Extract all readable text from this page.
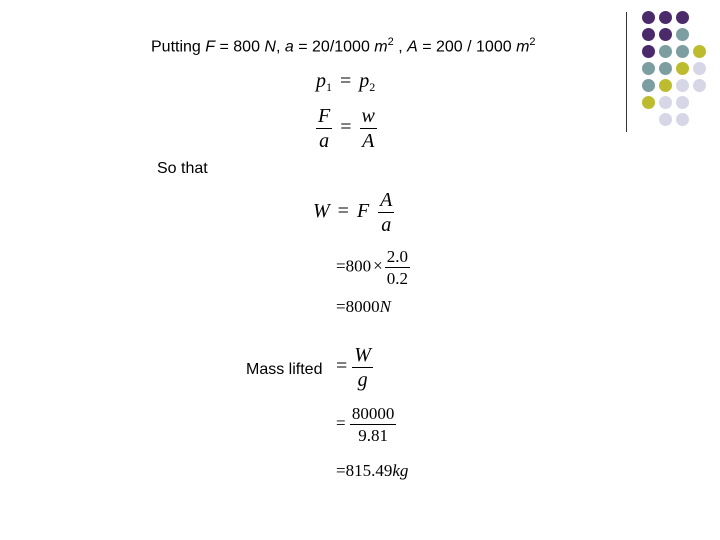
Putting F = 800 N, a = 20/1000 $m^2$ , A = 200 / 1000 $m^2$
$p_1 = p_2$
$\frac{F}{a} = \frac{w}{A}$
So that
W = F $\frac{A}{a}$
$=800 \times \frac{2.0}{0.2}$
=8000N
Mass lifted = $\frac{W}{g}$
= $\frac{80000}{9.81}$
=815.49kg
